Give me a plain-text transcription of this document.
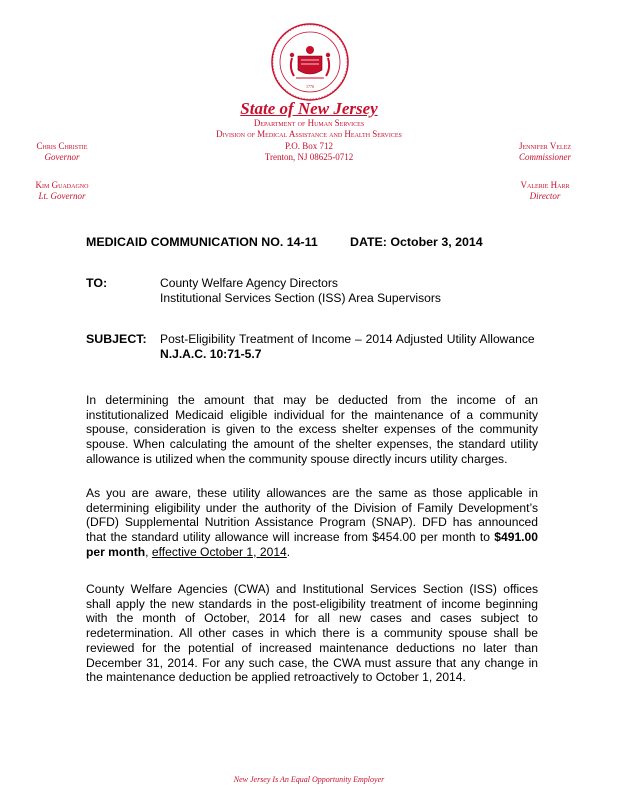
1776
State of New Jersey
Department of Human Services
Division of Medical Assistance and Health Services
P.O. Box 712
Trenton, NJ 08625-0712
Chris Christie
Governor
Kim Guadagno
Lt. Governor
Jennifer Velez
Commissioner
Valerie Harr
Director
MEDICAID COMMUNICATION NO. 14-11	DATE: October 3, 2014
TO:	County Welfare Agency Directors
Institutional Services Section (ISS) Area Supervisors
SUBJECT: Post-Eligibility Treatment of Income – 2014 Adjusted Utility Allowance  N.J.A.C. 10:71-5.7
In determining the amount that may be deducted from the income of an institutionalized Medicaid eligible individual for the maintenance of a community spouse, consideration is given to the excess shelter expenses of the community spouse. When calculating the amount of the shelter expenses, the standard utility allowance is utilized when the community spouse directly incurs utility charges.
As you are aware, these utility allowances are the same as those applicable in determining eligibility under the authority of the Division of Family Development’s (DFD) Supplemental Nutrition Assistance Program (SNAP). DFD has announced that the standard utility allowance will increase from $454.00 per month to $491.00 per month, effective October 1, 2014.
County Welfare Agencies (CWA) and Institutional Services Section (ISS) offices shall apply the new standards in the post-eligibility treatment of income beginning with the month of October, 2014 for all new cases and cases subject to redetermination. All other cases in which there is a community spouse shall be reviewed for the potential of increased maintenance deductions no later than December 31, 2014. For any such case, the CWA must assure that any change in the maintenance deduction be applied retroactively to October 1, 2014.
New Jersey Is An Equal Opportunity Employer
